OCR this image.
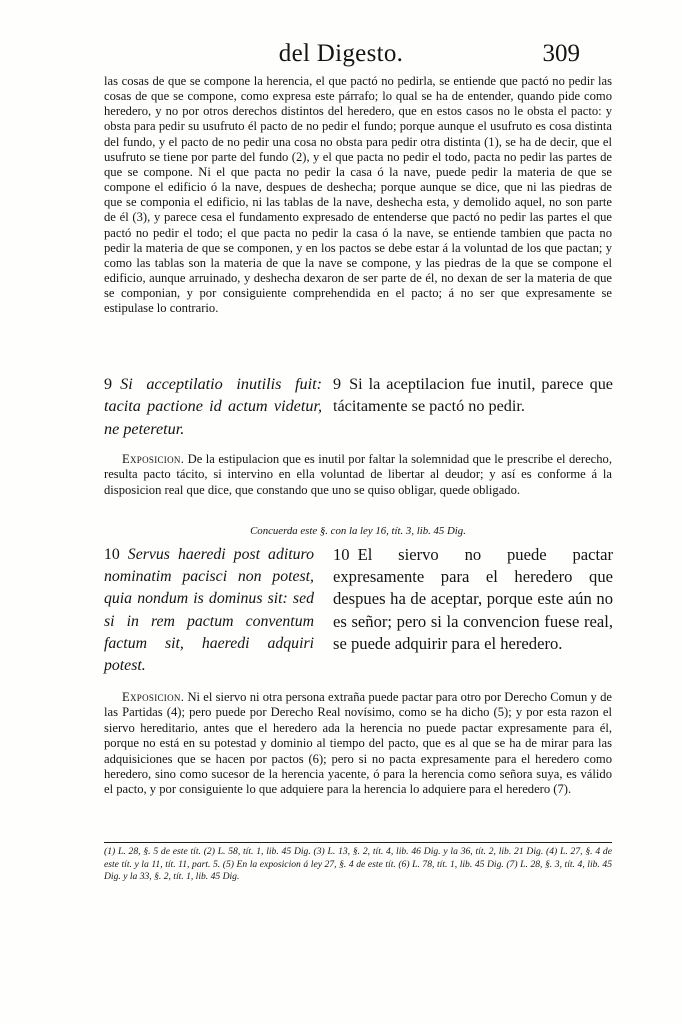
del Digesto.	309

las cosas de que se compone la herencia, el que pactó no pedirla, se entiende que pactó no pedir las cosas de que se compone, como expresa este párrafo; lo qual se ha de entender, quando pide como heredero, y no por otros derechos distintos del heredero, que en estos casos no le obsta el pacto: y obsta para pedir su usufruto él pacto de no pedir el fundo; porque aunque el usufruto es cosa distinta del fundo, y el pacto de no pedir una cosa no obsta para pedir otra distinta (1), se ha de decir, que el usufruto se tiene por parte del fundo (2), y el que pacta no pedir el todo, pacta no pedir las partes de que se compone. Ni el que pacta no pedir la casa ó la nave, puede pedir la materia de que se compone el edificio ó la nave, despues de deshecha; porque aunque se dice, que ni las piedras de que se componia el edificio, ni las tablas de la nave, deshecha esta, y demolido aquel, no son parte de él (3), y parece cesa el fundamento expresado de entenderse que pactó no pedir las partes el que pactó no pedir el todo; el que pacta no pedir la casa ó la nave, se entiende tambien que pacta no pedir la materia de que se componen, y en los pactos se debe estar á la voluntad de los que pactan; y como las tablas son la materia de que la nave se compone, y las piedras de la que se compone el edificio, aunque arruinado, y deshecha dexaron de ser parte de él, no dexan de ser la materia de que se componian, y por consiguiente comprehendida en el pacto; á no ser que expresamente se estipulase lo contrario.

9 Si acceptilatio inutilis fuit: tacita pactione id actum videtur, ne peteretur.

9 Si la aceptilacion fue inutil, parece que tácitamente se pactó no pedir.

Exposicion. De la estipulacion que es inutil por faltar la solemnidad que le prescribe el derecho, resulta pacto tácito, si intervino en ella voluntad de libertar al deudor; y así es conforme á la disposicion real que dice, que constando que uno se quiso obligar, quede obligado.

Concuerda este §. con la ley 16, tít. 3, lib. 45 Dig.

10 Servus haeredi post adituro nominatim pacisci non potest, quia nondum is dominus sit: sed si in rem pactum conventum factum sit, haeredi adquiri potest.

10 El siervo no puede pactar expresamente para el heredero que despues ha de aceptar, porque este aún no es señor; pero si la convencion fuese real, se puede adquirir para el heredero.

Exposicion. Ni el siervo ni otra persona extraña puede pactar para otro por Derecho Comun y de las Partidas (4); pero puede por Derecho Real novísimo, como se ha dicho (5); y por esta razon el siervo hereditario, antes que el heredero ada la herencia no puede pactar expresamente para él, porque no está en su potestad y dominio al tiempo del pacto, que es al que se ha de mirar para las adquisiciones que se hacen por pactos (6); pero si no pacta expresamente para el heredero como heredero, sino como sucesor de la herencia yacente, ó para la herencia como señora suya, es válido el pacto, y por consiguiente lo que adquiere para la herencia lo adquiere para el heredero (7).

(1) L. 28, §. 5 de este tít. (2) L. 58, tít. 1, lib. 45 Dig. (3) L. 13, §. 2, tít. 4, lib. 46 Dig. y la 36, tít. 2, lib. 21 Dig. (4) L. 27, §. 4 de este tít. y la 11, tít. 11, part. 5. (5) En la exposicion á ley 27, §. 4 de este tít. (6) L. 78, tít. 1, lib. 45 Dig. (7) L. 28, §. 3, tít. 4, lib. 45 Dig. y la 33, §. 2, tít. 1, lib. 45 Dig.
